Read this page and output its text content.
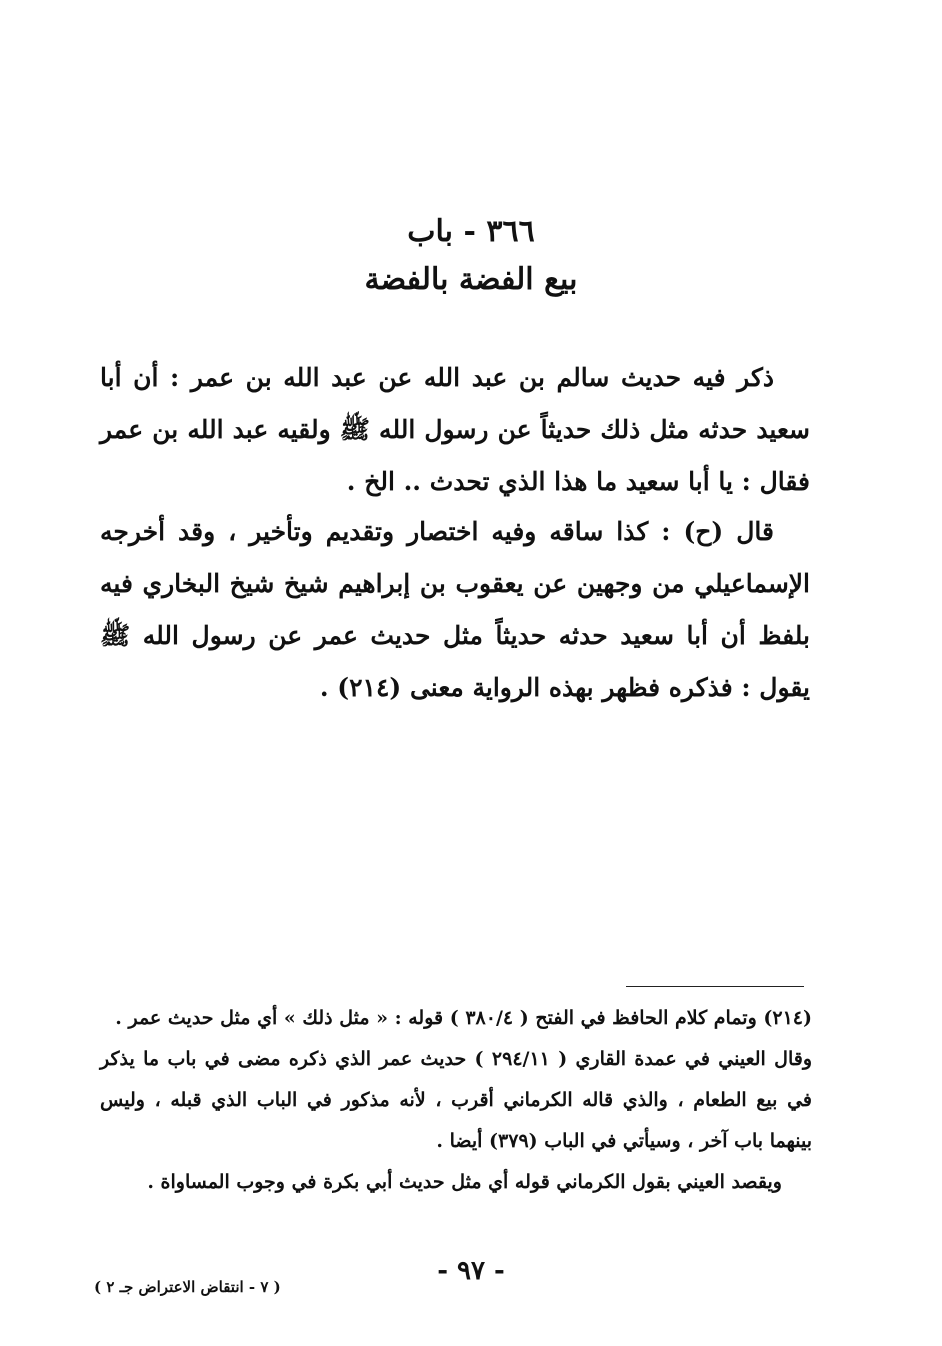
٣٦٦ - باب
بيع الفضة بالفضة
ذكر فيه حديث سالم بن عبد الله عن عبد الله بن عمر : أن أبا سعيد حدثه مثل ذلك حديثاً عن رسول الله ﷺ ولقيه عبد الله بن عمر فقال : يا أبا سعيد ما هذا الذي تحدث .. الخ .
قال (ح) : كذا ساقه وفيه اختصار وتقديم وتأخير ، وقد أخرجه الإسماعيلي من وجهين عن يعقوب بن إبراهيم شيخ شيخ البخاري فيه بلفظ أن أبا سعيد حدثه حديثاً مثل حديث عمر عن رسول الله ﷺ يقول : فذكره فظهر بهذه الرواية معنى (٢١٤) .
(٢١٤) وتمام كلام الحافظ في الفتح ( ٣٨٠/٤ ) قوله : « مثل ذلك » أي مثل حديث عمر .
وقال العيني في عمدة القاري ( ٢٩٤/١١ ) حديث عمر الذي ذكره مضى في باب ما يذكر في بيع الطعام ، والذي قاله الكرماني أقرب ، لأنه مذكور في الباب الذي قبله ، وليس بينهما باب آخر ، وسيأتي في الباب (٣٧٩) أيضا .
ويقصد العيني بقول الكرماني قوله أي مثل حديث أبي بكرة في وجوب المساواة .
- ٩٧ -
( ٧ - انتقاض الاعتراض جـ ٢ )
